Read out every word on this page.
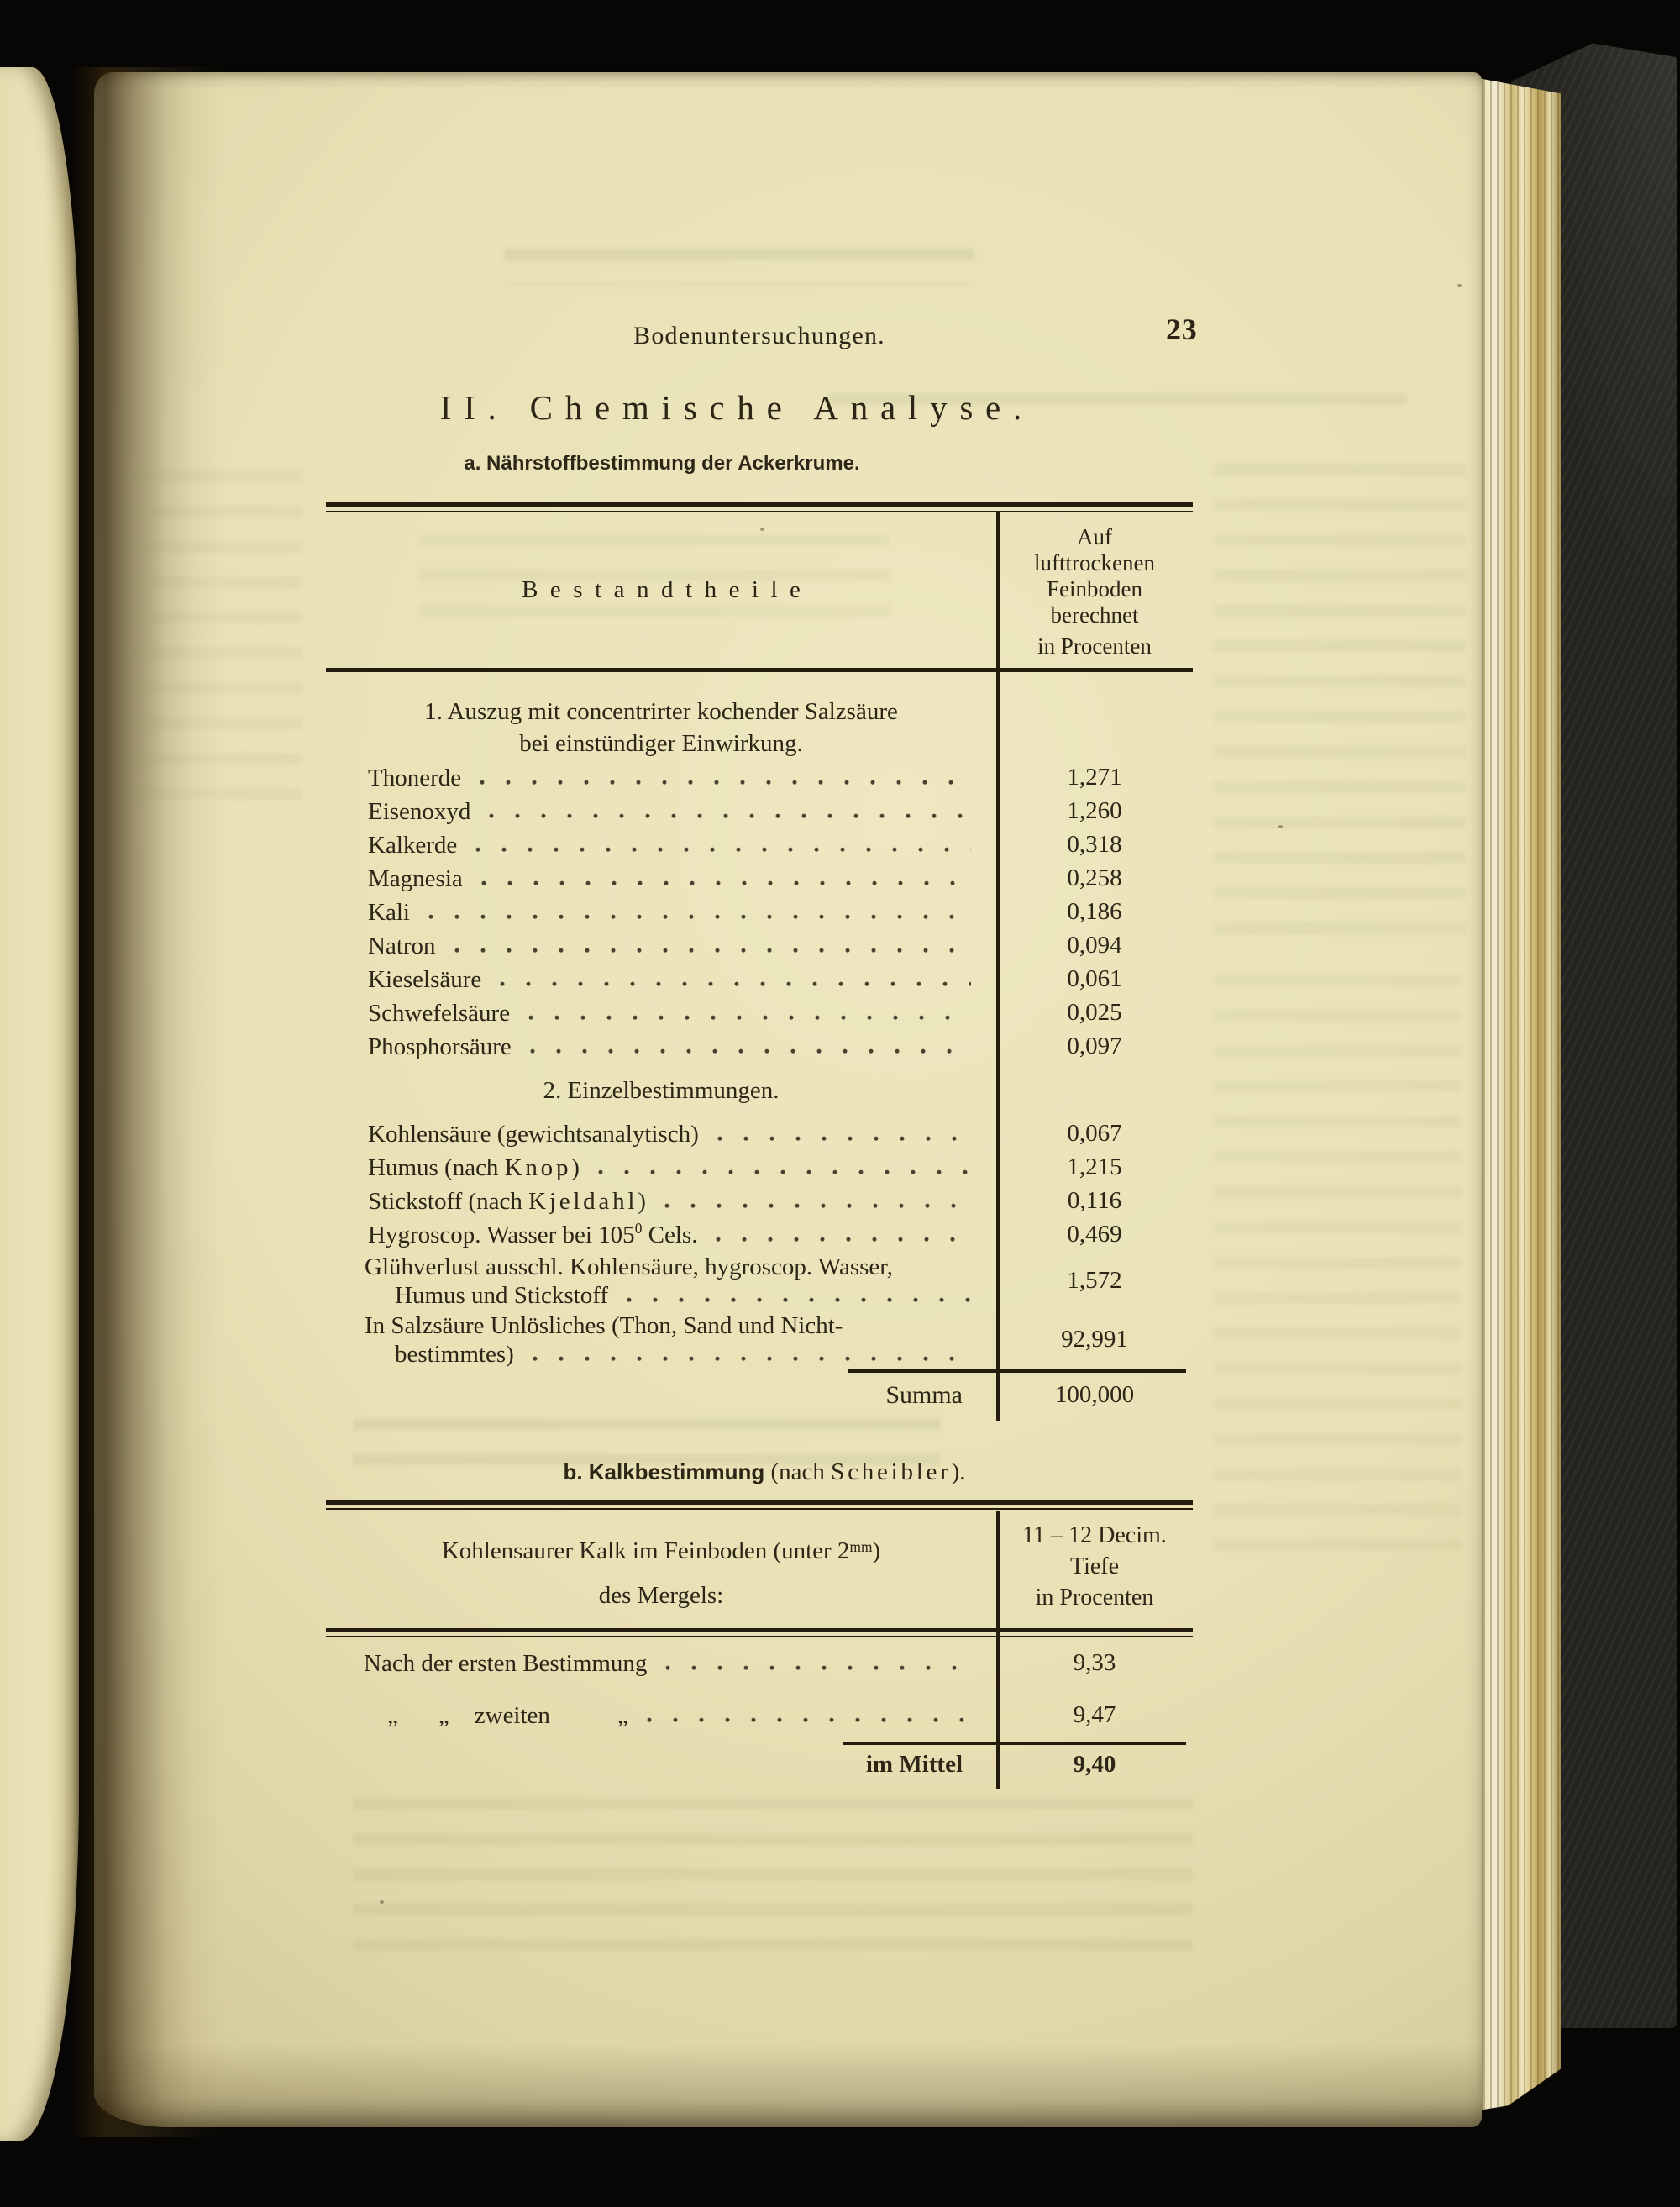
Bodenuntersuchungen.	23
II. Chemische Analyse.
a. Nährstoffbestimmung der Ackerkrume.
Bestandtheile
Auf
lufttrockenen
Feinboden
berechnet
in Procenten
1. Auszug mit concentrirter kochender Salzsäure
bei einstündiger Einwirkung.
Thonerde	1,271
Eisenoxyd	1,260
Kalkerde	0,318
Magnesia	0,258
Kali	0,186
Natron	0,094
Kieselsäure	0,061
Schwefelsäure	0,025
Phosphorsäure	0,097
2. Einzelbestimmungen.
Kohlensäure (gewichtsanalytisch)	0,067
Humus (nach Knop )	1,215
Stickstoff (nach Kjeldahl )	0,116
Hygroscop. Wasser bei 105 0 Cels.	0,469
Glühverlust ausschl. Kohlensäure, hygroscop. Wasser,
Humus und Stickstoff
1,572
In Salzsäure Unlösliches (Thon, Sand und Nicht-
bestimmtes)
92,991
Summa	100,000
b. Kalkbestimmung (nach Scheibler).
Kohlensaurer Kalk im Feinboden (unter $2^{mm}$)
des Mergels:
11 – 12 Decim.
Tiefe
in Procenten
Nach der ersten Bestimmung	9,33
„ „ zweiten	„	9,47
im Mittel	9,40
